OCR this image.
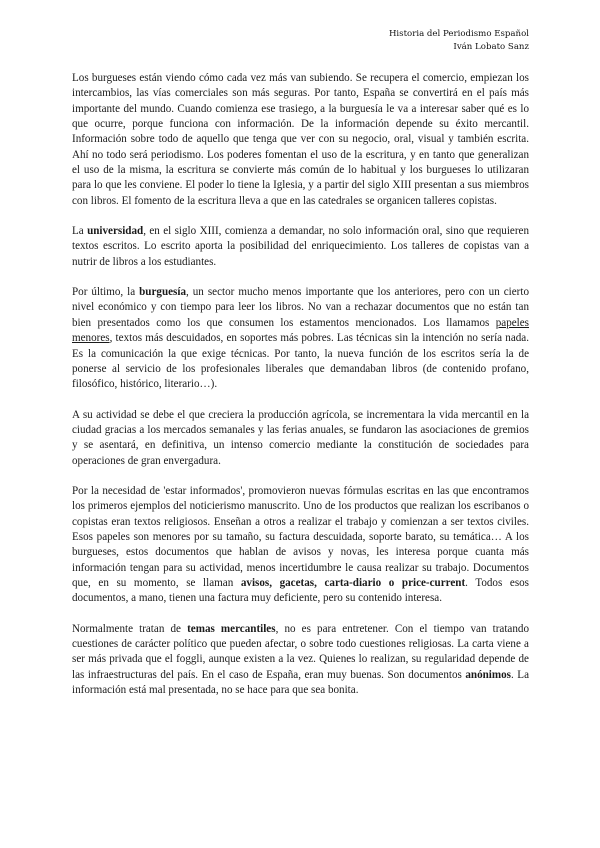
Historia del Periodismo Español
Iván Lobato Sanz

Los burgueses están viendo cómo cada vez más van subiendo. Se recupera el comercio, empiezan los intercambios, las vías comerciales son más seguras. Por tanto, España se convertirá en el país más importante del mundo. Cuando comienza ese trasiego, a la burguesía le va a interesar saber qué es lo que ocurre, porque funciona con información. De la información depende su éxito mercantil. Información sobre todo de aquello que tenga que ver con su negocio, oral, visual y también escrita. Ahí no todo será periodismo. Los poderes fomentan el uso de la escritura, y en tanto que generalizan el uso de la misma, la escritura se convierte más común de lo habitual y los burgueses lo utilizaran para lo que les conviene. El poder lo tiene la Iglesia, y a partir del siglo XIII presentan a sus miembros con libros. El fomento de la escritura lleva a que en las catedrales se organicen talleres copistas.

La universidad, en el siglo XIII, comienza a demandar, no solo información oral, sino que requieren textos escritos. Lo escrito aporta la posibilidad del enriquecimiento. Los talleres de copistas van a nutrir de libros a los estudiantes.

Por último, la burguesía, un sector mucho menos importante que los anteriores, pero con un cierto nivel económico y con tiempo para leer los libros. No van a rechazar documentos que no están tan bien presentados como los que consumen los estamentos mencionados. Los llamamos papeles menores, textos más descuidados, en soportes más pobres. Las técnicas sin la intención no sería nada. Es la comunicación la que exige técnicas. Por tanto, la nueva función de los escritos sería la de ponerse al servicio de los profesionales liberales que demandaban libros (de contenido profano, filosófico, histórico, literario…).

A su actividad se debe el que creciera la producción agrícola, se incrementara la vida mercantil en la ciudad gracias a los mercados semanales y las ferias anuales, se fundaron las asociaciones de gremios y se asentará, en definitiva, un intenso comercio mediante la constitución de sociedades para operaciones de gran envergadura.

Por la necesidad de 'estar informados', promovieron nuevas fórmulas escritas en las que encontramos los primeros ejemplos del noticierismo manuscrito. Uno de los productos que realizan los escribanos o copistas eran textos religiosos. Enseñan a otros a realizar el trabajo y comienzan a ser textos civiles. Esos papeles son menores por su tamaño, su factura descuidada, soporte barato, su temática… A los burgueses, estos documentos que hablan de avisos y novas, les interesa porque cuanta más información tengan para su actividad, menos incertidumbre le causa realizar su trabajo. Documentos que, en su momento, se llaman avisos, gacetas, carta-diario o price-current. Todos esos documentos, a mano, tienen una factura muy deficiente, pero su contenido interesa.

Normalmente tratan de temas mercantiles, no es para entretener. Con el tiempo van tratando cuestiones de carácter político que pueden afectar, o sobre todo cuestiones religiosas. La carta viene a ser más privada que el foggli, aunque existen a la vez. Quienes lo realizan, su regularidad depende de las infraestructuras del país. En el caso de España, eran muy buenas. Son documentos anónimos. La información está mal presentada, no se hace para que sea bonita.
